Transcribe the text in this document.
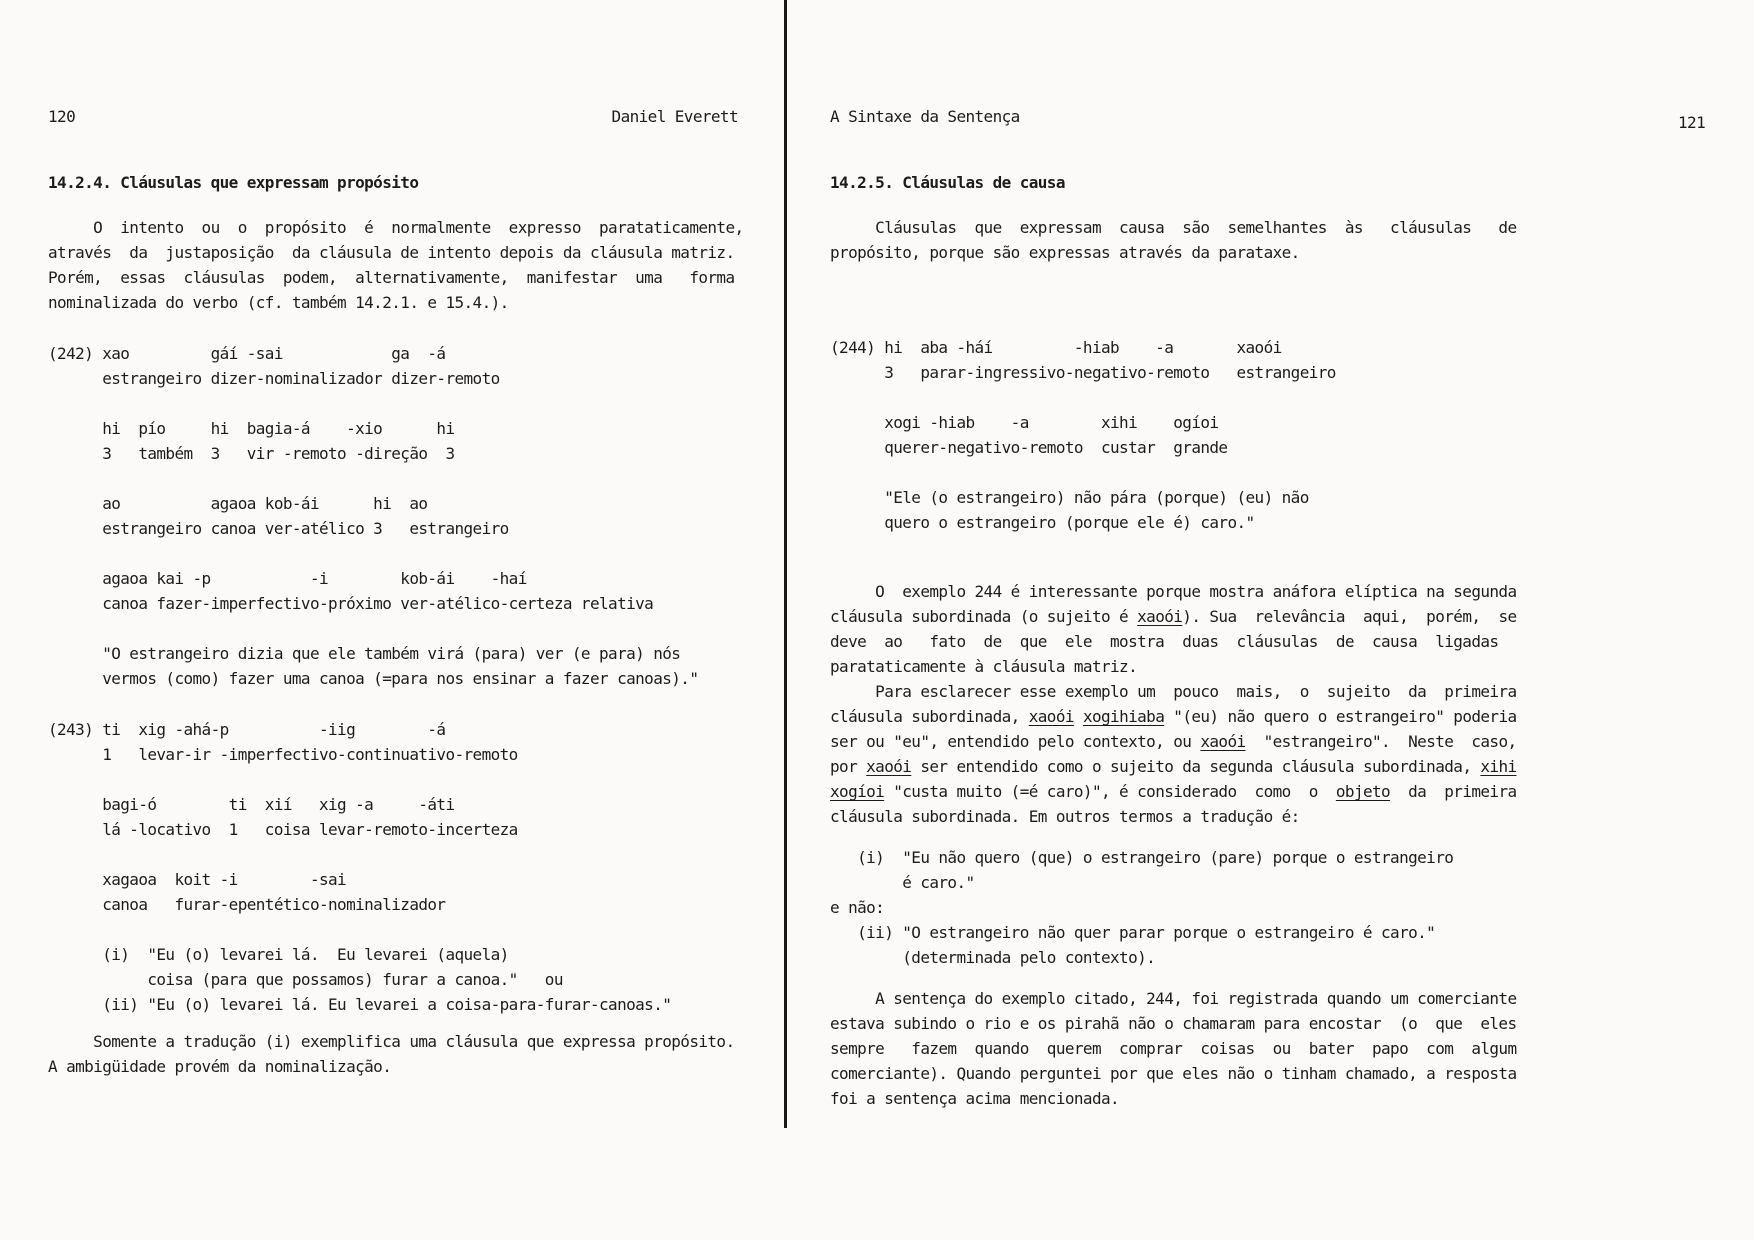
120	Daniel Everett
14.2.4. Cláusulas que expressam propósito
O  intento  ou  o  propósito  é  normalmente  expresso  parataticamente,
através  da  justaposição  da cláusula de intento depois da cláusula matriz.
Porém,  essas  cláusulas  podem,  alternativamente,  manifestar  uma   forma
nominalizada do verbo (cf. também 14.2.1. e 15.4.).
(242) xao         gáí -sai            ga  -á
estrangeiro dizer-nominalizador dizer-remoto

hi  pío     hi  bagia-á    -xio      hi
3   também  3   vir -remoto -direção  3

ao          agaoa kob-ái      hi  ao
estrangeiro canoa ver-atélico 3   estrangeiro

agaoa kai -p           -i        kob-ái    -haí
canoa fazer-imperfectivo-próximo ver-atélico-certeza relativa

"O estrangeiro dizia que ele também virá (para) ver (e para) nós
vermos (como) fazer uma canoa (=para nos ensinar a fazer canoas)."
(243) ti  xig -ahá-p          -iig        -á
1   levar-ir -imperfectivo-continuativo-remoto

bagi-ó        ti  xií   xig -a     -áti
lá -locativo  1   coisa levar-remoto-incerteza

xagaoa  koit -i        -sai
canoa   furar-epentético-nominalizador

(i)  "Eu (o) levarei lá.  Eu levarei (aquela)
coisa (para que possamos) furar a canoa."   ou
(ii) "Eu (o) levarei lá. Eu levarei a coisa-para-furar-canoas."
Somente a tradução (i) exemplifica uma cláusula que expressa propósito.
A ambigüidade provém da nominalização.
A Sintaxe da Sentença	121
14.2.5. Cláusulas de causa
Cláusulas  que  expressam  causa  são  semelhantes  às   cláusulas   de
propósito, porque são expressas através da parataxe.
(244) hi  aba -háí         -hiab    -a       xaoói
3   parar-ingressivo-negativo-remoto   estrangeiro

xogi -hiab    -a        xihi    ogíoi
querer-negativo-remoto  custar  grande

"Ele (o estrangeiro) não pára (porque) (eu) não
quero o estrangeiro (porque ele é) caro."
O  exemplo 244 é interessante porque mostra anáfora elíptica na segunda
cláusula subordinada (o sujeito é xaoói). Sua  relevância  aqui,  porém,  se
deve  ao   fato  de  que  ele  mostra  duas  cláusulas  de  causa  ligadas
parataticamente à cláusula matriz.
Para esclarecer esse exemplo um  pouco  mais,  o  sujeito  da  primeira
cláusula subordinada, xaoói xogihiaba "(eu) não quero o estrangeiro" poderia
ser ou "eu", entendido pelo contexto, ou xaoói  "estrangeiro".  Neste  caso,
por xaoói ser entendido como o sujeito da segunda cláusula subordinada, xihi
xogíoi "custa muito (=é caro)", é considerado  como  o  objeto  da  primeira
cláusula subordinada. Em outros termos a tradução é:
(i)  "Eu não quero (que) o estrangeiro (pare) porque o estrangeiro
é caro."
e não:
(ii) "O estrangeiro não quer parar porque o estrangeiro é caro."
(determinada pelo contexto).
A sentença do exemplo citado, 244, foi registrada quando um comerciante
estava subindo o rio e os pirahã não o chamaram para encostar  (o  que  eles
sempre   fazem  quando  querem  comprar  coisas  ou  bater  papo  com  algum
comerciante). Quando perguntei por que eles não o tinham chamado, a resposta
foi a sentença acima mencionada.
